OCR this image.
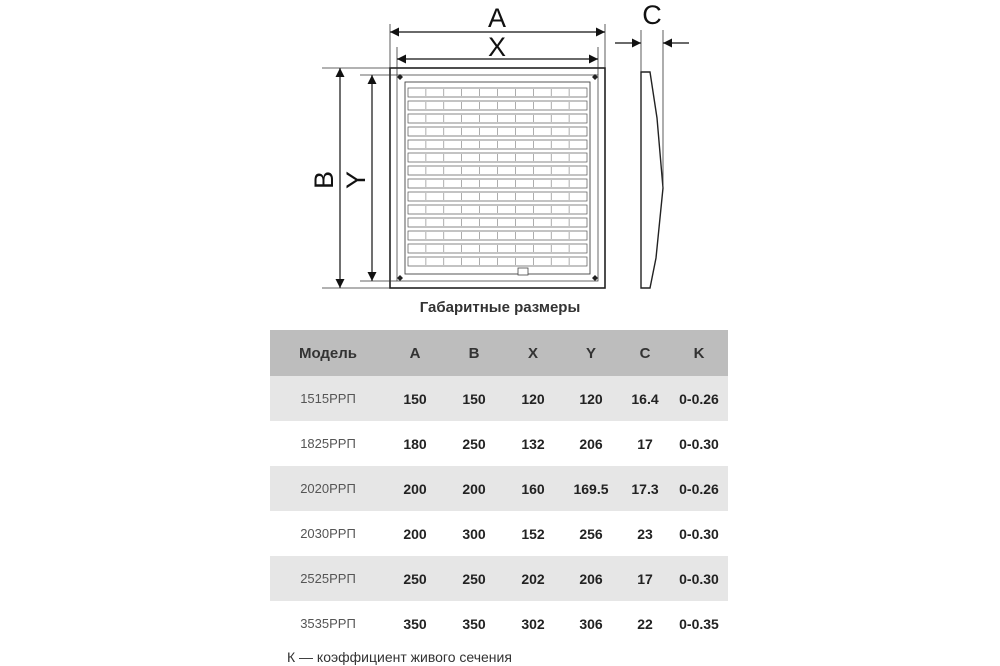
A
X
C
B Y
Габаритные размеры
Модель	A	B	X	Y	C	K
1515РРП	150	150	120	120	16.4	0-0.26
1825РРП	180	250	132	206	17	0-0.30
2020РРП	200	200	160	169.5	17.3	0-0.26
2030РРП	200	300	152	256	23	0-0.30
2525РРП	250	250	202	206	17	0-0.30
3535РРП	350	350	302	306	22	0-0.35
К — коэффициент живого сечения
